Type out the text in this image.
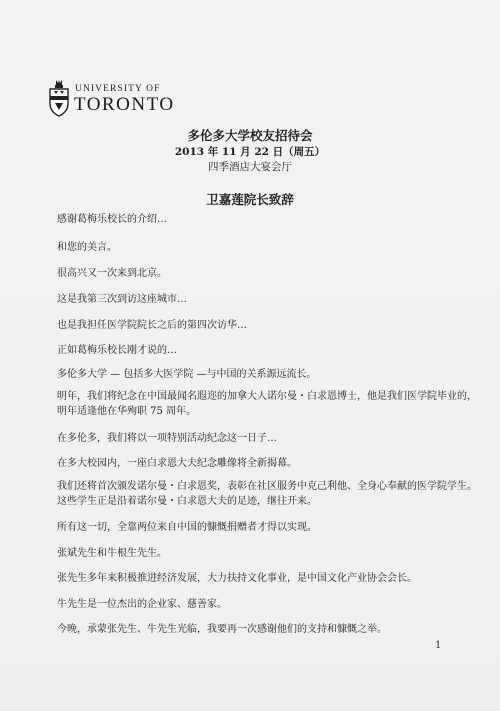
UNIVERSITY OF
TORONTO
多伦多大学校友招待会
2013 年 11 月 22 日（周五）
四季酒店大宴会厅
卫嘉莲院长致辞
感谢葛梅乐校长的介绍…
和您的美言。
很高兴又一次来到北京。
这是我第三次到访这座城市…
也是我担任医学院院长之后的第四次访华…
正如葛梅乐校长刚才说的…
多伦多大学 — 包括多大医学院 —与中国的关系源远流长。
明年，我们将纪念在中国最闻名遐迩的加拿大人诺尔曼・白求恩博士，他是我们医学院毕业的，明年适逢他在华殉职 75 周年。
在多伦多，我们将以一项特别活动纪念这一日子…
在多大校园内，一座白求恩大夫纪念雕像将全新揭幕。
我们还将首次颁发诺尔曼・白求恩奖，表彰在社区服务中克己利他、全身心奉献的医学院学生。这些学生正是沿着诺尔曼・白求恩大夫的足迹，继往开来。
所有这一切，全靠两位来自中国的慷慨捐赠者才得以实现。
张斌先生和牛根生先生。
张先生多年来积极推进经济发展，大力扶持文化事业，是中国文化产业协会会长。
牛先生是一位杰出的企业家、慈善家。
今晚，承蒙张先生、牛先生光临，我要再一次感谢他们的支持和慷慨之举。
1
